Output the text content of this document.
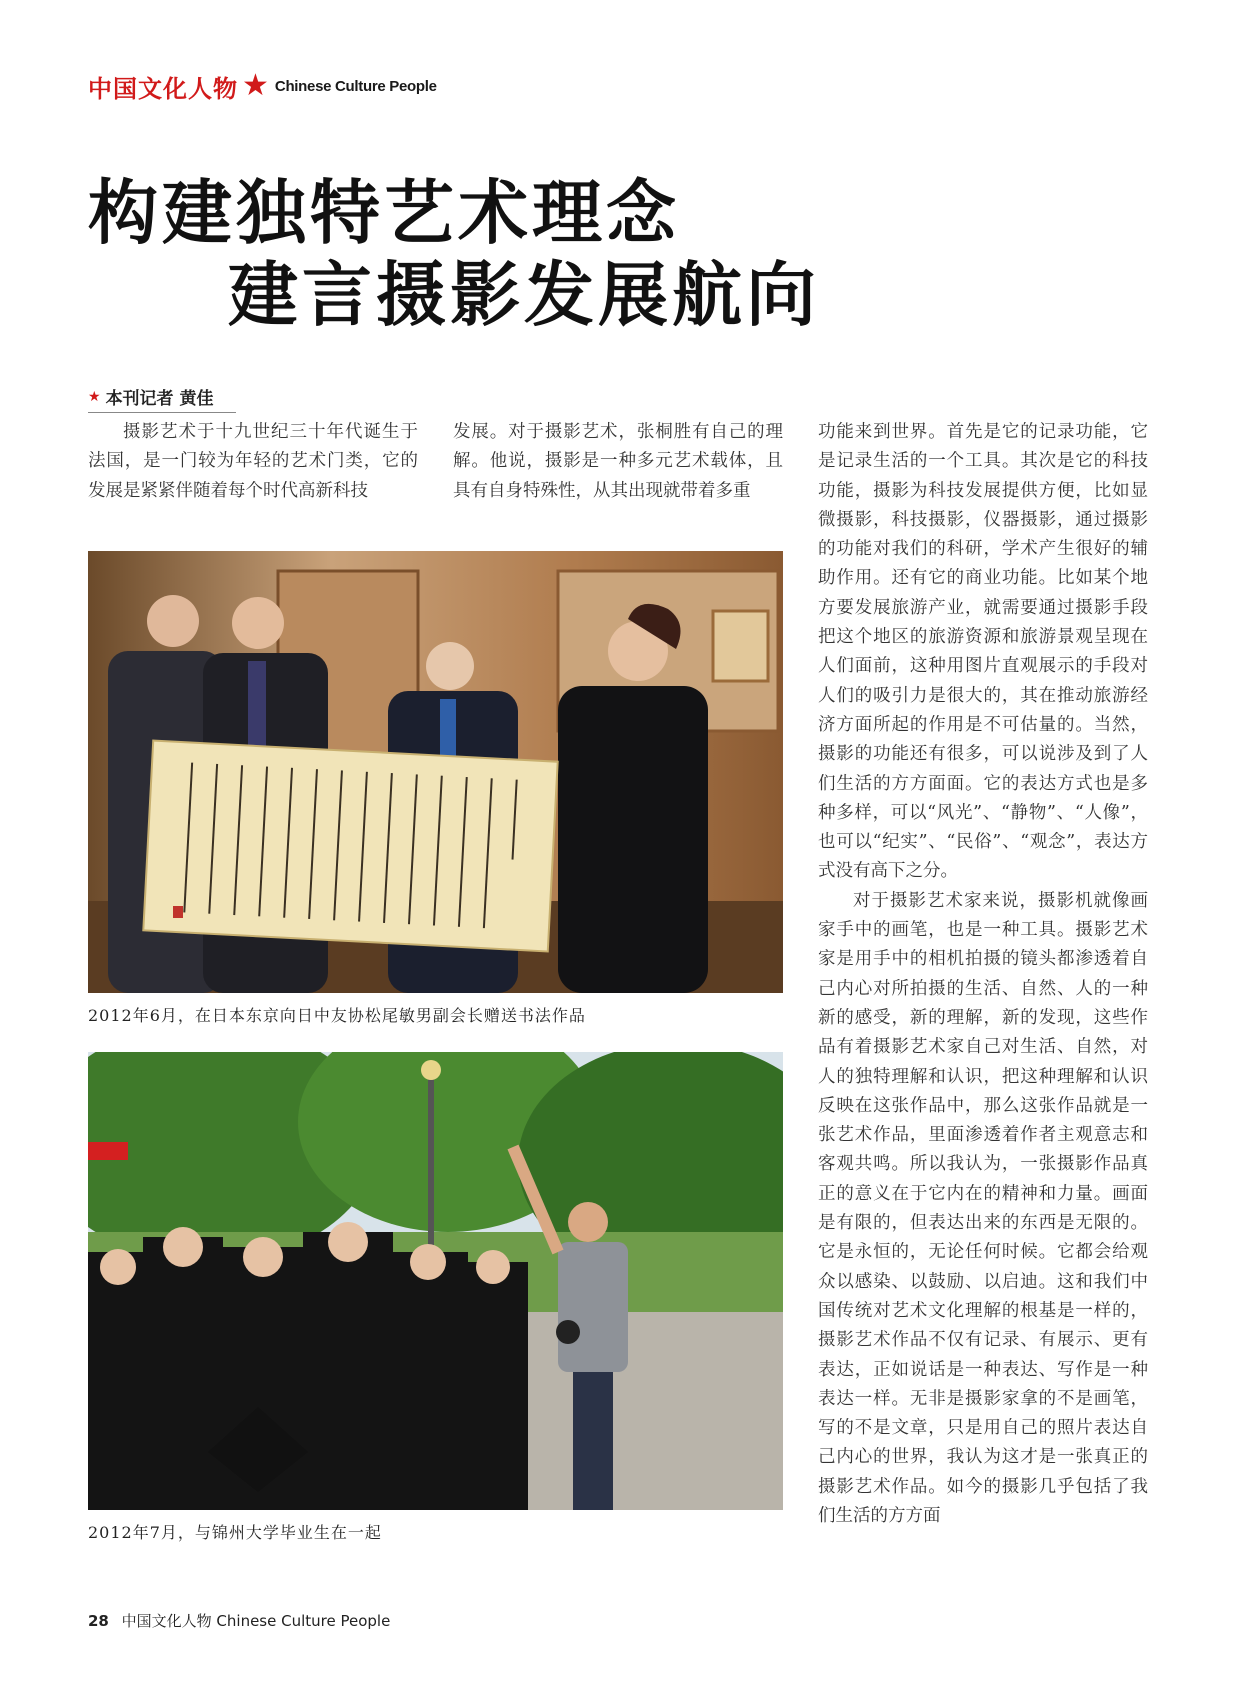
中国文化人物 ★ Chinese Culture People
构建独特艺术理念
建言摄影发展航向
★ 本刊记者 黄佳

摄影艺术于十九世纪三十年代诞生于法国，是一门较为年轻的艺术门类，它的发展是紧紧伴随着每个时代高新科技

发展。对于摄影艺术，张桐胜有自己的理解。他说，摄影是一种多元艺术载体，且具有自身特殊性，从其出现就带着多重

功能来到世界。首先是它的记录功能，它是记录生活的一个工具。其次是它的科技功能，摄影为科技发展提供方便，比如显微摄影，科技摄影，仪器摄影，通过摄影的功能对我们的科研，学术产生很好的辅助作用。还有它的商业功能。比如某个地方要发展旅游产业，就需要通过摄影手段把这个地区的旅游资源和旅游景观呈现在人们面前，这种用图片直观展示的手段对人们的吸引力是很大的，其在推动旅游经济方面所起的作用是不可估量的。当然，摄影的功能还有很多，可以说涉及到了人们生活的方方面面。它的表达方式也是多种多样，可以“风光”、“静物”、“人像”，也可以“纪实”、“民俗”、“观念”，表达方式没有高下之分。

对于摄影艺术家来说，摄影机就像画家手中的画笔，也是一种工具。摄影艺术家是用手中的相机拍摄的镜头都渗透着自己内心对所拍摄的生活、自然、人的一种新的感受，新的理解，新的发现，这些作品有着摄影艺术家自己对生活、自然，对人的独特理解和认识，把这种理解和认识反映在这张作品中，那么这张作品就是一张艺术作品，里面渗透着作者主观意志和客观共鸣。所以我认为，一张摄影作品真正的意义在于它内在的精神和力量。画面是有限的，但表达出来的东西是无限的。它是永恒的，无论任何时候。它都会给观众以感染、以鼓励、以启迪。这和我们中国传统对艺术文化理解的根基是一样的，摄影艺术作品不仅有记录、有展示、更有表达，正如说话是一种表达、写作是一种表达一样。无非是摄影家拿的不是画笔，写的不是文章，只是用自己的照片表达自己内心的世界，我认为这才是一张真正的摄影艺术作品。如今的摄影几乎包括了我们生活的方方面

2012年6月，在日本东京向日中友协松尾敏男副会长赠送书法作品
2012年7月，与锦州大学毕业生在一起
28 中国文化人物 Chinese Culture People
